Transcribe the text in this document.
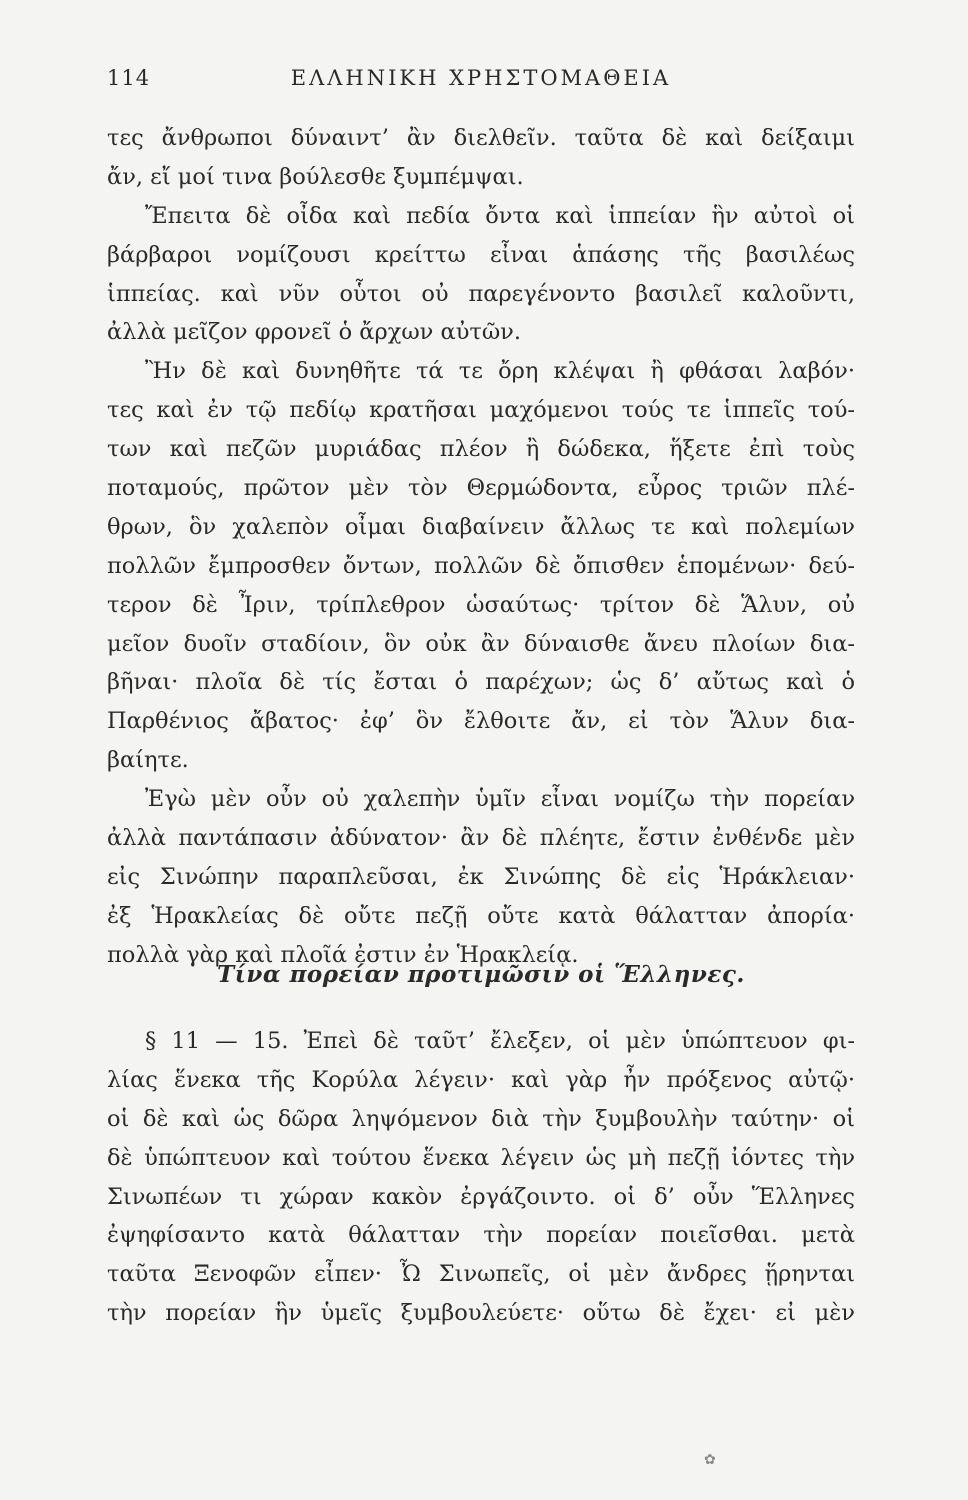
114	ΕΛΛΗΝΙΚΗ ΧΡΗΣΤΟΜΑΘΕΙΑ
τες ἄνθρωποι δύναιντ’ ἂν διελθεῖν. ταῦτα δὲ καὶ δείξαιμι
ἄν, εἴ μοί τινα βούλεσθε ξυμπέμψαι.
Ἔπειτα δὲ οἶδα καὶ πεδία ὄντα καὶ ἱππείαν ἣν αὐτοὶ οἱ
βάρβαροι νομίζουσι κρείττω εἶναι ἁπάσης τῆς βασιλέως
ἱππείας. καὶ νῦν οὗτοι οὐ παρεγένοντο βασιλεῖ καλοῦντι,
ἀλλὰ μεῖζον φρονεῖ ὁ ἄρχων αὐτῶν.
Ἢν δὲ καὶ δυνηθῆτε τά τε ὄρη κλέψαι ἢ φθάσαι λαβόν·
τες καὶ ἐν τῷ πεδίῳ κρατῆσαι μαχόμενοι τούς τε ἱππεῖς τού-
των καὶ πεζῶν μυριάδας πλέον ἢ δώδεκα, ἥξετε ἐπὶ τοὺς
ποταμούς, πρῶτον μὲν τὸν Θερμώδοντα, εὖρος τριῶν πλέ-
θρων, ὃν χαλεπὸν οἶμαι διαβαίνειν ἄλλως τε καὶ πολεμίων
πολλῶν ἔμπροσθεν ὄντων, πολλῶν δὲ ὄπισθεν ἑπομένων· δεύ-
τερον δὲ Ἶριν, τρίπλεθρον ὡσαύτως· τρίτον δὲ Ἅλυν, οὐ
μεῖον δυοῖν σταδίοιν, ὃν οὐκ ἂν δύναισθε ἄνευ πλοίων δια-
βῆναι· πλοῖα δὲ τίς ἔσται ὁ παρέχων; ὡς δ’ αὔτως καὶ ὁ
Παρθένιος ἄβατος· ἐφ’ ὃν ἔλθοιτε ἄν, εἰ τὸν Ἅλυν δια-
βαίητε.
Ἐγὼ μὲν οὖν οὐ χαλεπὴν ὑμῖν εἶναι νομίζω τὴν πορείαν
ἀλλὰ παντάπασιν ἀδύνατον· ἂν δὲ πλέητε, ἔστιν ἐνθένδε μὲν
εἰς Σινώπην παραπλεῦσαι, ἐκ Σινώπης δὲ εἰς Ἡράκλειαν·
ἐξ Ἡρακλείας δὲ οὔτε πεζῇ οὔτε κατὰ θάλατταν ἀπορία·
πολλὰ γὰρ καὶ πλοῖά ἐστιν ἐν Ἡρακλείᾳ.
Τίνα πορείαν προτιμῶσιν οἱ Ἕλληνες.
§ 11 — 15. Ἐπεὶ δὲ ταῦτ’ ἔλεξεν, οἱ μὲν ὑπώπτευον φι-
λίας ἕνεκα τῆς Κορύλα λέγειν· καὶ γὰρ ἦν πρόξενος αὐτῷ·
οἱ δὲ καὶ ὡς δῶρα ληψόμενον διὰ τὴν ξυμβουλὴν ταύτην· οἱ
δὲ ὑπώπτευον καὶ τούτου ἕνεκα λέγειν ὡς μὴ πεζῇ ἰόντες τὴν
Σινωπέων τι χώραν κακὸν ἐργάζοιντο. οἱ δ’ οὖν Ἕλληνες
ἐψηφίσαντο κατὰ θάλατταν τὴν πορείαν ποιεῖσθαι. μετὰ
ταῦτα Ξενοφῶν εἶπεν· Ὦ Σινωπεῖς, οἱ μὲν ἄνδρες ᾕρηνται
τὴν πορείαν ἣν ὑμεῖς ξυμβουλεύετε· οὕτω δὲ ἔχει· εἰ μὲν
✿
